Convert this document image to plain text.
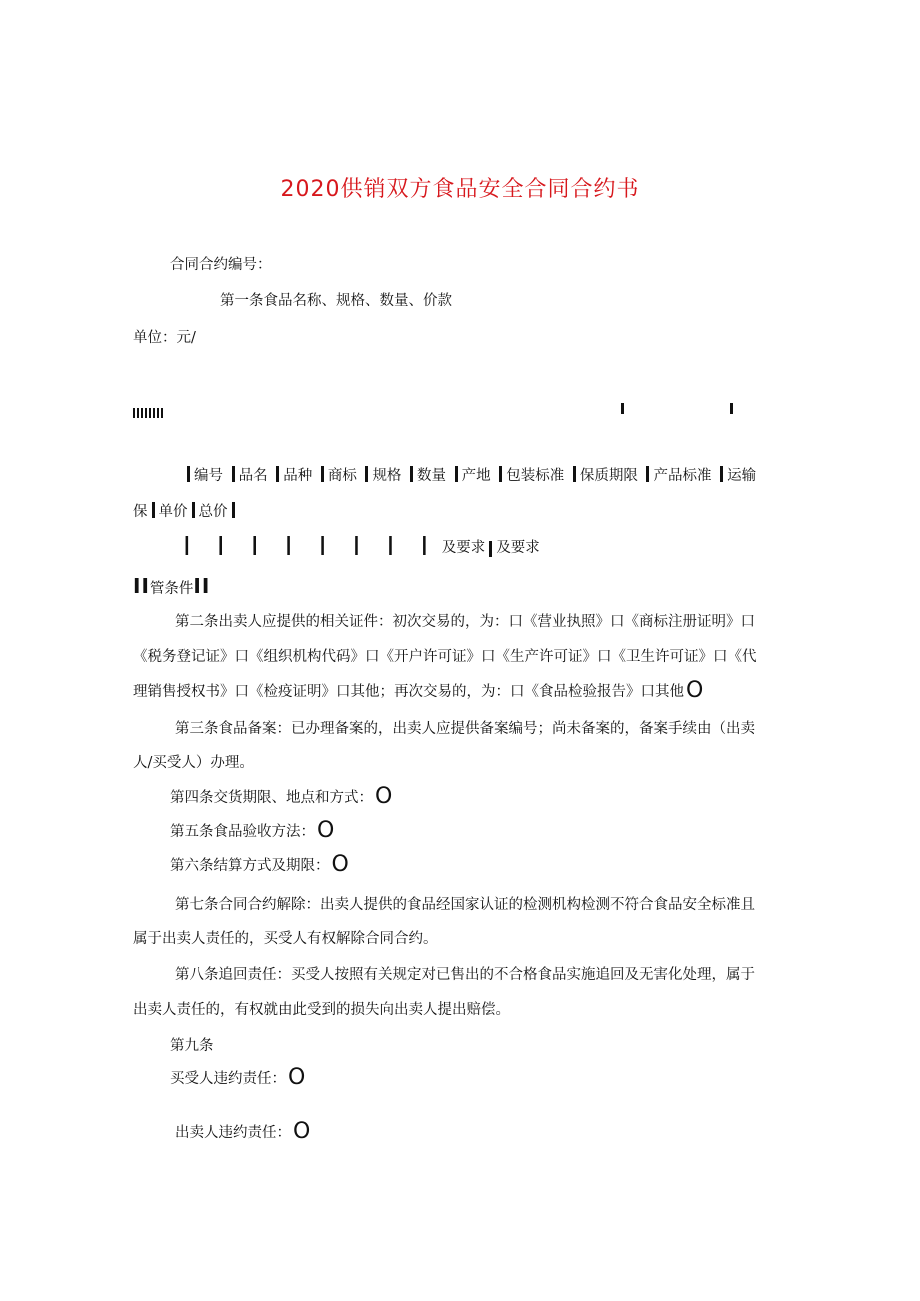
2020供销双方食品安全合同合约书
合同合约编号：
第一条食品名称、规格、数量、价款
单位：元/
编号 品名 品种 商标 规格 数量 产地 包装标准 保质期限 产品标准 运输
保 单价 总价
I I I I I I I I 及要求 及要求
II管条件II
第二条出卖人应提供的相关证件：初次交易的，为：口《营业执照》口《商标注册证明》口
《税务登记证》口《组织机构代码》口《开户许可证》口《生产许可证》口《卫生许可证》口《代
理销售授权书》口《检疫证明》口其他；再次交易的，为：口《食品检验报告》口其他O
第三条食品备案：已办理备案的，出卖人应提供备案编号；尚未备案的，备案手续由（出卖
人/买受人）办理。
第四条交货期限、地点和方式：O
第五条食品验收方法：O
第六条结算方式及期限：O
第七条合同合约解除：出卖人提供的食品经国家认证的检测机构检测不符合食品安全标准且
属于出卖人责任的，买受人有权解除合同合约。
第八条追回责任：买受人按照有关规定对已售出的不合格食品实施追回及无害化处理，属于
出卖人责任的，有权就由此受到的损失向出卖人提出赔偿。
第九条
买受人违约责任：O
出卖人违约责任：O
